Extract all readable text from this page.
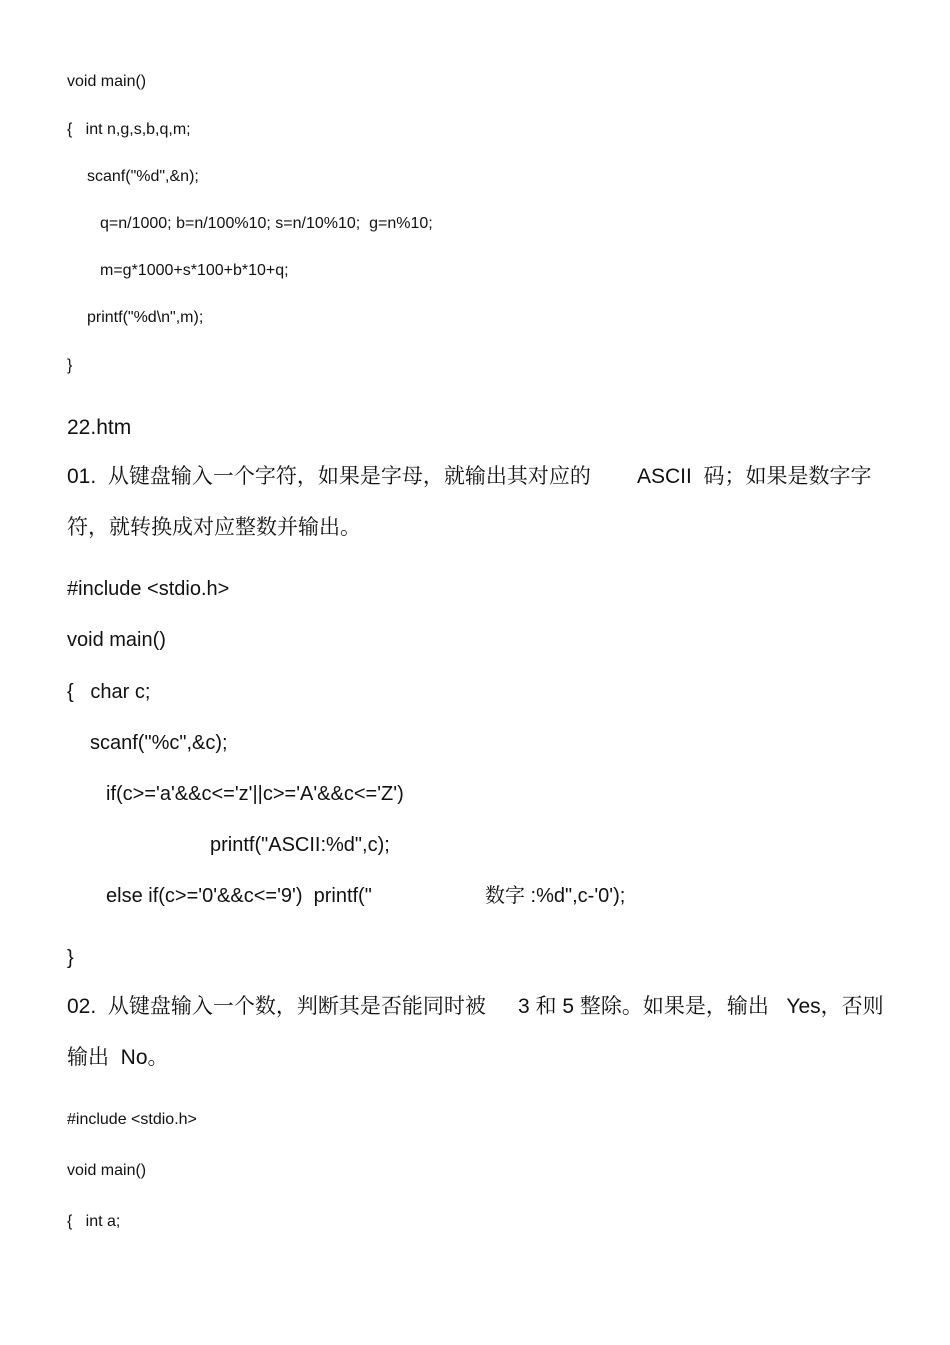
void main()
{   int n,g,s,b,q,m;
scanf("%d",&n);
q=n/1000; b=n/100%10; s=n/10%10;  g=n%10;
m=g*1000+s*100+b*10+q;
printf("%d\n",m);
}
22.htm
01.  从键盘输入一个字符，如果是字母，就输出其对应的 ASCII  码；如果是数字字
符，就转换成对应整数并输出。
#include <stdio.h>
void main()
{   char c;
scanf("%c",&c);
if(c>='a'&&c<='z'||c>='A'&&c<='Z')
printf("ASCII:%d",c);
else if(c>='0'&&c<='9')  printf("	数字 :%d",c-'0');
}
02.  从键盘输入一个数，判断其是否能同时被 3 和 5 整除。如果是，输出   Yes，否则
输出  No。
#include <stdio.h>
void main()
{   int a;
